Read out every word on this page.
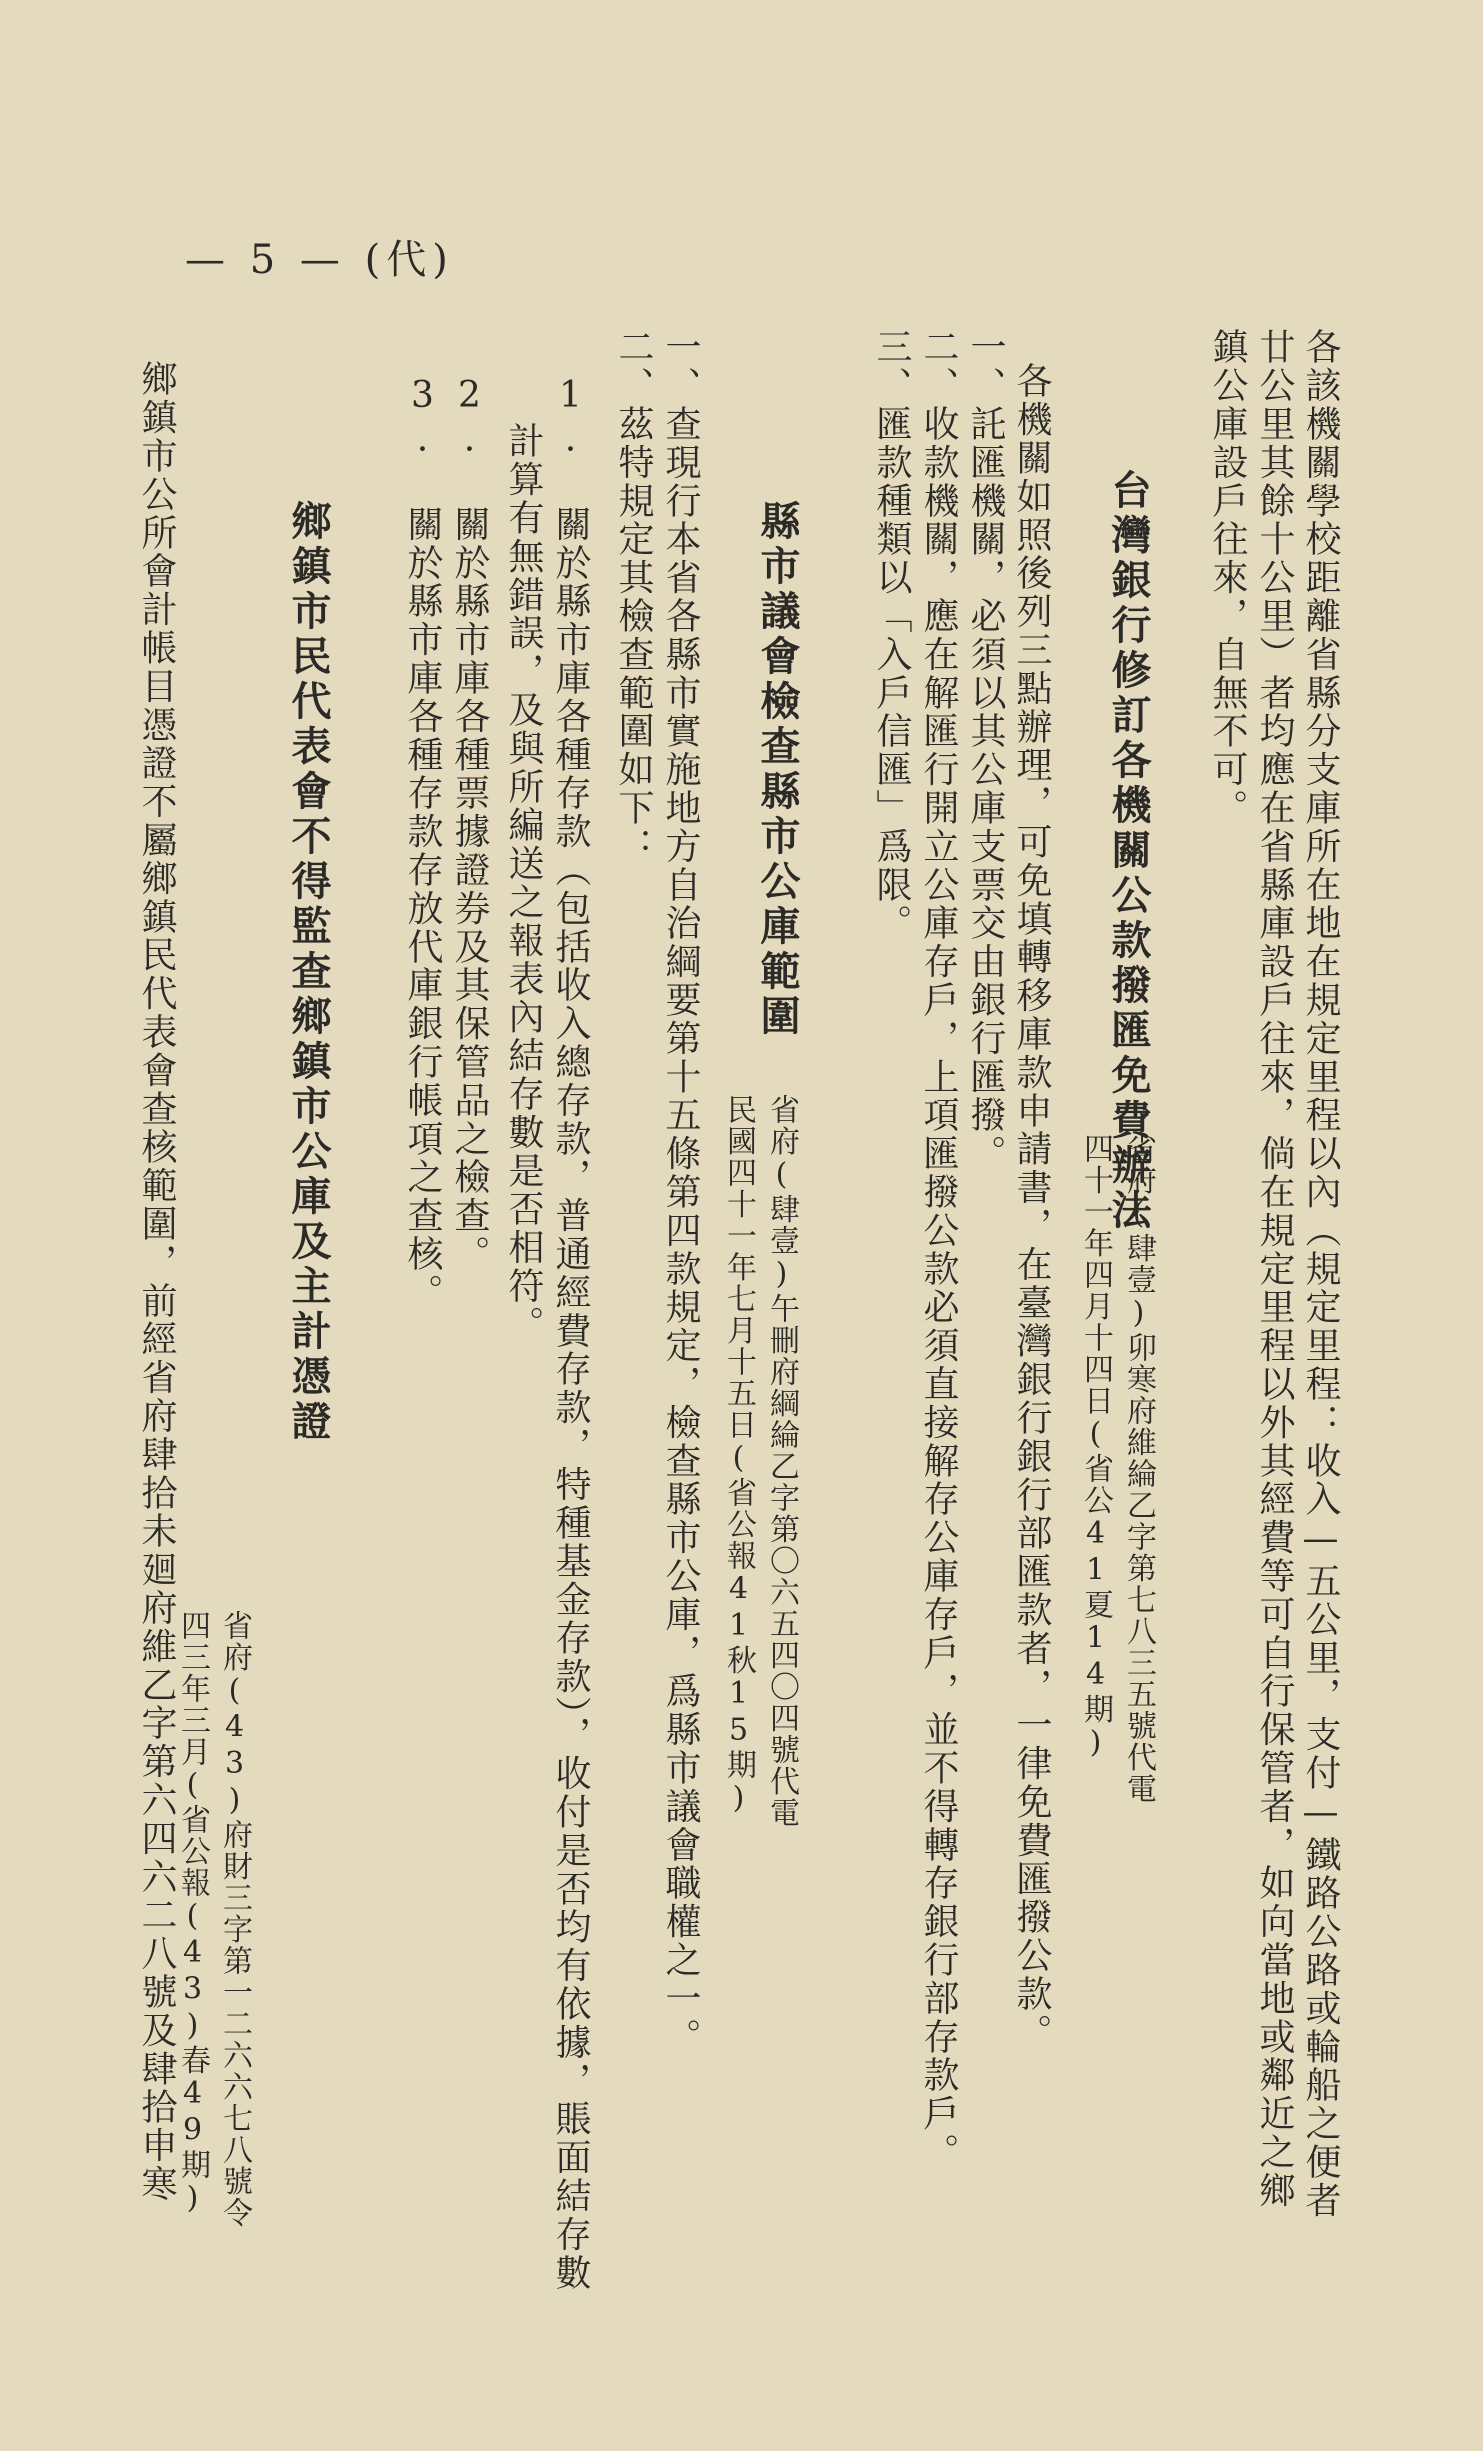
— 5 — (代)
各該機關學校距離省縣分支庫所在地在規定里程以內（規定里程：收入—五公里，支付—鐵路公路或輪船之便者
廿公里其餘十公里）者均應在省縣庫設戶往來，倘在規定里程以外其經費等可自行保管者，如向當地或鄰近之鄉
鎮公庫設戶往來，自無不可。
台灣銀行修訂各機關公款撥匯免費辦法
省府(肆壹)卯寒府維綸乙字第七八三五號代電
四十一年四月十四日(省公41夏14期)
各機關如照後列三點辦理，可免填轉移庫款申請書，在臺灣銀行銀行部匯款者，一律免費匯撥公款。
一、託匯機關，必須以其公庫支票交由銀行匯撥。
二、收款機關，應在解匯行開立公庫存戶，上項匯撥公款必須直接解存公庫存戶，並不得轉存銀行部存款戶。
三、匯款種類以「入戶信匯」爲限。
縣市議會檢查縣市公庫範圍
省府(肆壹)午刪府綱綸乙字第〇六五四〇四號代電
民國四十一年七月十五日(省公報41秋15期)
一、查現行本省各縣市實施地方自治綱要第十五條第四款規定，檢查縣市公庫，爲縣市議會職權之一。
二、茲特規定其檢查範圍如下：
1. 關於縣市庫各種存款（包括收入總存款，普通經費存款，特種基金存款），收付是否均有依據，賬面結存數
計算有無錯誤，及與所編送之報表內結存數是否相符。
2. 關於縣市庫各種票據證券及其保管品之檢查。
3. 關於縣市庫各種存款存放代庫銀行帳項之查核。
鄉鎮市民代表會不得監查鄉鎮市公庫及主計憑證
省府(43)府財三字第一二六六七八號令
四三年三月(省公報(43)春49期)
鄉鎮市公所會計帳目憑證不屬鄉鎮民代表會查核範圍，前經省府肆拾未廻府維乙字第六四六二八號及肆拾申寒
